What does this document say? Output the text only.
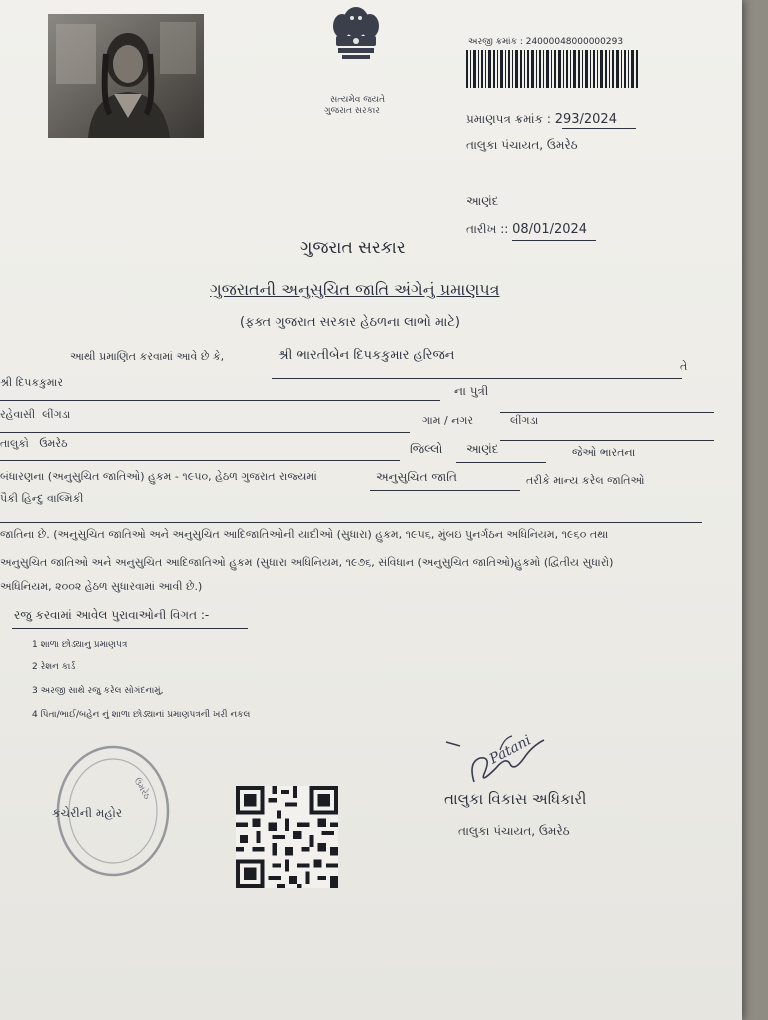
સત્યમેવ જયતે
ગુજરાત સરકાર
અરજી ક્રમાંક : 24000048000000293
પ્રમાણપત્ર ક્રમાંક : 293/2024
તાલુકા પંચાયત, ઉમરેઠ
આણંદ
તારીખ :: 08/01/2024
ગુજરાત સરકાર
ગુજરાતની અનુસુચિત જાતિ અંગેનું પ્રમાણપત્ર
(ફક્ત ગુજરાત સરકાર હેઠળના લાભો માટે)
આથી પ્રમાણિત કરવામાં આવે છે કે,	શ્રી ભારતીબેન દિપકકુમાર હરિજન
તે
શ્રી દિપકકુમાર
ના પુત્રી
રહેવાસી લીંગડા	ગામ / નગર	લીંગડા
તાલુકો ઉમરેઠ	જિલ્લો આણંદ	જેઓ ભારતના
બંધારણના (અનુસુચિત જાતિઓ) હુકમ - ૧૯૫૦, હેઠળ ગુજરાત રાજ્યમાં	અનુસુચિત જાતિ	તરીકે માન્ય કરેલ જાતિઓ
પૈકી હિન્દુ વાલ્મિકી
જાતિના છે. (અનુસુચિત જાતિઓ અને અનુસુચિત આદિજાતિઓની યાદીઓ (સુધારા) હુકમ, ૧૯૫૬, મુંબઇ પુનર્ગઠન અધિનિયમ, ૧૯૬૦ તથા
અનુસુચિત જાતિઓ અને અનુસુચિત આદિજાતિઓ હુકમ (સુધારા અધિનિયમ, ૧૯૭૬, સંવિધાન (અનુસુચિત જાતિઓ)હુકમો (દ્વિતીય સુધારો)
અધિનિયમ, ૨૦૦૨ હેઠળ સુધારવામાં આવી છે.)
રજુ કરવામાં આવેલ પુરાવાઓની વિગત :-
1 શાળા છોડ્યાનુ પ્રમાણપત્ર
2 રેશન કાર્ડ
3 અરજી સાથે રજુ કરેલ સોગંદનામું,
4 પિતા/ભાઈ/બહેન નું શાળા છોડ્યાનાં પ્રમાણપત્રની ખરી નકલ
ઉમરેઠ
કચેરીની મહોર
Patani
તાલુકા વિકાસ અધિકારી
તાલુકા પંચાયત, ઉમરેઠ
